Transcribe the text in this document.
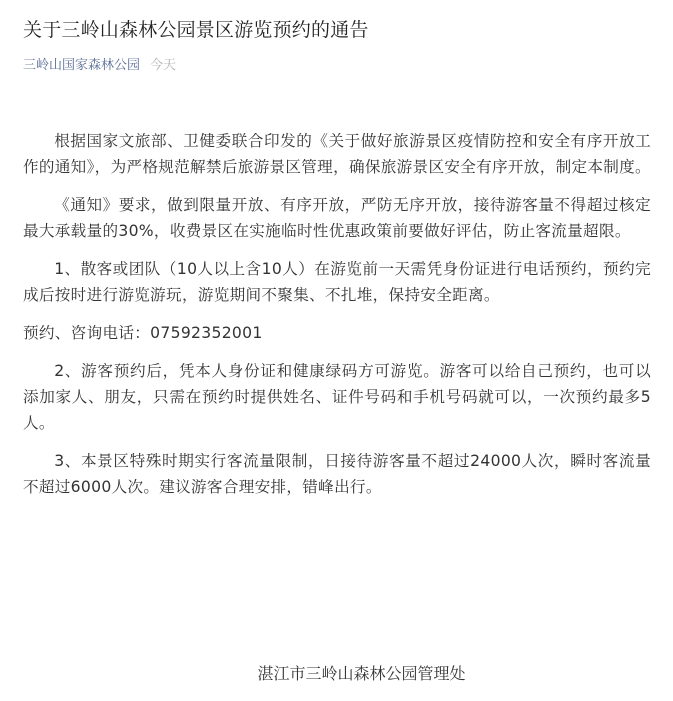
关于三岭山森林公园景区游览预约的通告
三岭山国家森林公园 今天

根据国家文旅部、卫健委联合印发的《关于做好旅游景区疫情防控和安全有序开放工作的通知》，为严格规范解禁后旅游景区管理，确保旅游景区安全有序开放，制定本制度。

《通知》要求，做到限量开放、有序开放，严防无序开放，接待游客量不得超过核定最大承载量的30%，收费景区在实施临时性优惠政策前要做好评估，防止客流量超限。

1、散客或团队（10人以上含10人）在游览前一天需凭身份证进行电话预约，预约完成后按时进行游览游玩，游览期间不聚集、不扎堆，保持安全距离。

预约、咨询电话：07592352001

2、游客预约后，凭本人身份证和健康绿码方可游览。游客可以给自己预约，也可以添加家人、朋友，只需在预约时提供姓名、证件号码和手机号码就可以，一次预约最多5人。

3、本景区特殊时期实行客流量限制，日接待游客量不超过24000人次，瞬时客流量不超过6000人次。建议游客合理安排，错峰出行。

湛江市三岭山森林公园管理处
